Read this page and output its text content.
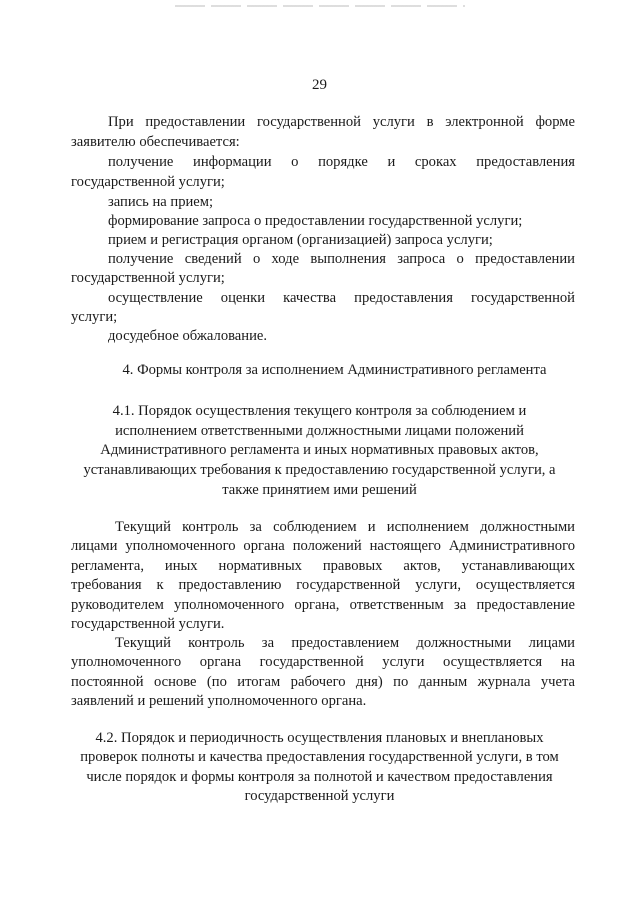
29
При предоставлении государственной услуги в электронной форме
заявителю обеспечивается:
получение информации о порядке и сроках предоставления
государственной услуги;
запись на прием;
формирование запроса о предоставлении государственной услуги;
прием и регистрация органом (организацией) запроса услуги;
получение сведений о ходе выполнения запроса о предоставлении
государственной услуги;
осуществление оценки качества предоставления государственной
услуги;
досудебное обжалование.
4. Формы контроля за исполнением Административного регламента
4.1. Порядок осуществления текущего контроля за соблюдением и
исполнением ответственными должностными лицами положений
Административного регламента и иных нормативных правовых актов,
устанавливающих требования к предоставлению государственной услуги, а
также принятием ими решений
Текущий контроль за соблюдением и исполнением должностными
лицами уполномоченного органа положений настоящего Административного
регламента, иных нормативных правовых актов, устанавливающих
требования к предоставлению государственной услуги, осуществляется
руководителем уполномоченного органа, ответственным за предоставление
государственной услуги.
Текущий контроль за предоставлением должностными лицами
уполномоченного органа государственной услуги осуществляется на
постоянной основе (по итогам рабочего дня) по данным журнала учета
заявлений и решений уполномоченного органа.
4.2. Порядок и периодичность осуществления плановых и внеплановых
проверок полноты и качества предоставления государственной услуги, в том
числе порядок и формы контроля за полнотой и качеством предоставления
государственной услуги
